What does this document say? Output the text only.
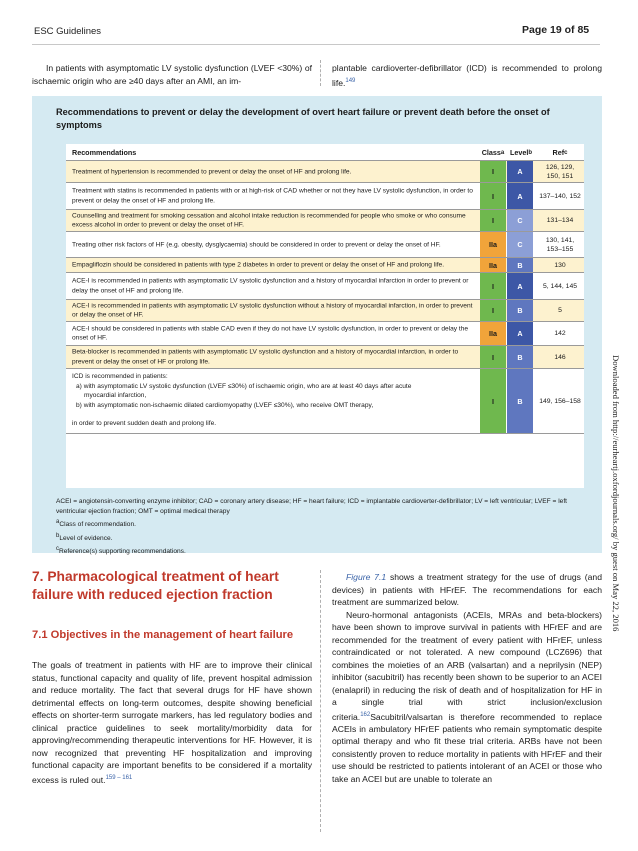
ESC Guidelines	Page 19 of 85
In patients with asymptomatic LV systolic dysfunction (LVEF <30%) of ischaemic origin who are ≥40 days after an AMI, an im-
plantable cardioverter-defibrillator (ICD) is recommended to prolong life.$^{149}$
Recommendations to prevent or delay the development of overt heart failure or prevent death before the onset of symptoms
Recommendations	Class a Level b	Ref c
Treatment of hypertension is recommended to prevent or delay the onset of HF and prolong life.	I	A	126, 129, 150, 151
Treatment with statins is recommended in patients with or at high-risk of CAD whether or not they have LV systolic dysfunction, in order to prevent or delay the onset of HF and prolong life.	I	A	137–140, 152
Counselling and treatment for smoking cessation and alcohol intake reduction is recommended for people who smoke or who consume excess alcohol in order to prevent or delay the onset of HF.	I	C	131–134
Treating other risk factors of HF (e.g. obesity, dysglycaemia) should be considered in order to prevent or delay the onset of HF.	IIa	C	130, 141, 153–155
Empagliflozin should be considered in patients with type 2 diabetes in order to prevent or delay the onset of HF and prolong life.	IIa	B	130
ACE-I is recommended in patients with asymptomatic LV systolic dysfunction and a history of myocardial infarction in order to prevent or delay the onset of HF and prolong life.	I	A	5, 144, 145
ACE-I is recommended in patients with asymptomatic LV systolic dysfunction without a history of myocardial infarction, in order to prevent or delay the onset of HF.	I	B	5
ACE-I should be considered in patients with stable CAD even if they do not have LV systolic dysfunction, in order to prevent or delay the onset of HF.	IIa	A	142
Beta-blocker is recommended in patients with asymptomatic LV systolic dysfunction and a history of myocardial infarction, in order to prevent or delay the onset of HF or prolong life.	I	B	146
ICD is recommended in patients:
a) with asymptomatic LV systolic dysfunction (LVEF ≤30%) of ischaemic origin, who are at least 40 days after acute
myocardial infarction,
b) with asymptomatic non-ischaemic dilated cardiomyopathy (LVEF ≤30%), who receive OMT therapy,
in order to prevent sudden death and prolong life.
I	B	149, 156–158
ACEI = angiotensin-converting enzyme inhibitor; CAD = coronary artery disease; HF = heart failure; ICD = implantable cardioverter-defibrillator; LV = left ventricular; LVEF = left ventricular ejection fraction; OMT = optimal medical therapy
aClass of recommendation.
bLevel of evidence.
cReference(s) supporting recommendations.
7. Pharmacological treatment of heart failure with reduced ejection fraction
7.1 Objectives in the management of heart failure
The goals of treatment in patients with HF are to improve their clinical status, functional capacity and quality of life, prevent hospital admission and reduce mortality. The fact that several drugs for HF have shown detrimental effects on long-term outcomes, despite showing beneficial effects on shorter-term surrogate markers, has led regulatory bodies and clinical practice guidelines to seek mortality/morbidity data for approving/recommending therapeutic interventions for HF. However, it is now recognized that preventing HF hospitalization and improving functional capacity are important benefits to be considered if a mortality excess is ruled out.$^{159 - 161}$
Figure 7.1 shows a treatment strategy for the use of drugs (and devices) in patients with HFrEF. The recommendations for each treatment are summarized below.
Neuro-hormonal antagonists (ACEIs, MRAs and beta-blockers) have been shown to improve survival in patients with HFrEF and are recommended for the treatment of every patient with HFrEF, unless contraindicated or not tolerated. A new compound (LCZ696) that combines the moieties of an ARB (valsartan) and a neprilysin (NEP) inhibitor (sacubitril) has recently been shown to be superior to an ACEI (enalapril) in reducing the risk of death and of hospitalization for HF in a single trial with strict inclusion/exclusion criteria.$^{162}$Sacubitril/valsartan is therefore recommended to replace ACEIs in ambulatory HFrEF patients who remain symptomatic despite optimal therapy and who fit these trial criteria. ARBs have not been consistently proven to reduce mortality in patients with HFrEF and their use should be restricted to patients intolerant of an ACEI or those who take an ACEI but are unable to tolerate an
Downloaded from http://eurheartj.oxfordjournals.org/ by guest on May 22, 2016
